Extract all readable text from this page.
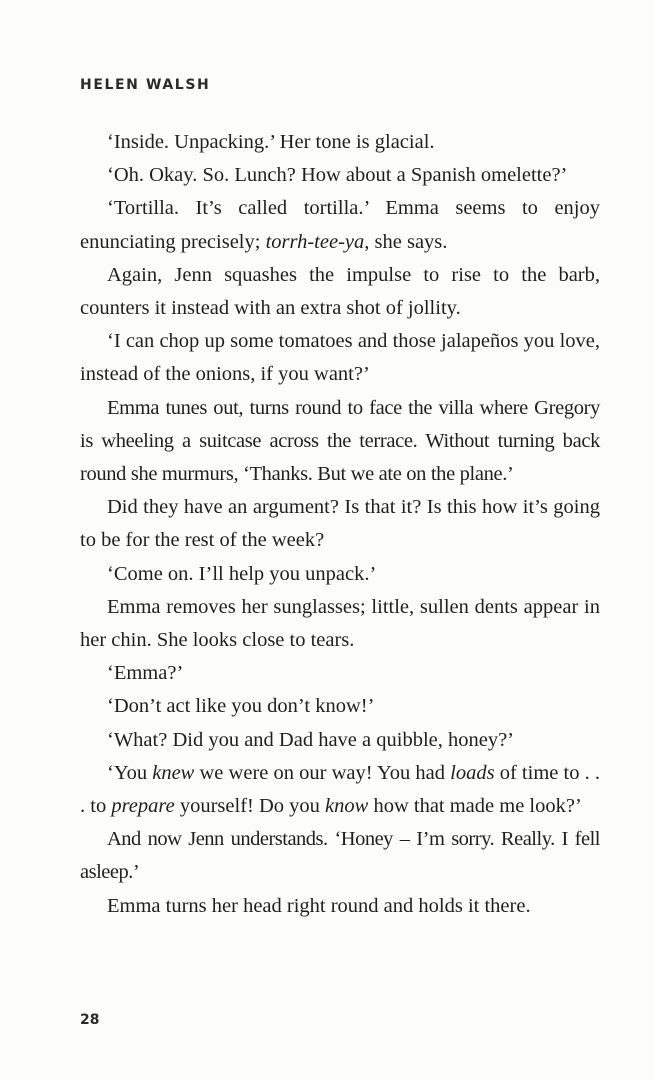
HELEN WALSH

‘Inside. Unpacking.’ Her tone is glacial.

‘Oh. Okay. So. Lunch? How about a Spanish omelette?’

‘Tortilla. It’s called tortilla.’ Emma seems to enjoy enunciating precisely; torrh-tee-ya, she says.

Again, Jenn squashes the impulse to rise to the barb, counters it instead with an extra shot of jollity.

‘I can chop up some tomatoes and those jalapeños you love, instead of the onions, if you want?’

Emma tunes out, turns round to face the villa where Gregory is wheeling a suitcase across the terrace. Without turning back round she murmurs, ‘Thanks. But we ate on the plane.’

Did they have an argument? Is that it? Is this how it’s going to be for the rest of the week?

‘Come on. I’ll help you unpack.’

Emma removes her sunglasses; little, sullen dents appear in her chin. She looks close to tears.

‘Emma?’

‘Don’t act like you don’t know!’

‘What? Did you and Dad have a quibble, honey?’

‘You knew we were on our way! You had loads of time to . . . to prepare yourself! Do you know how that made me look?’

And now Jenn understands. ‘Honey – I’m sorry. Really. I fell asleep.’

Emma turns her head right round and holds it there.

28
